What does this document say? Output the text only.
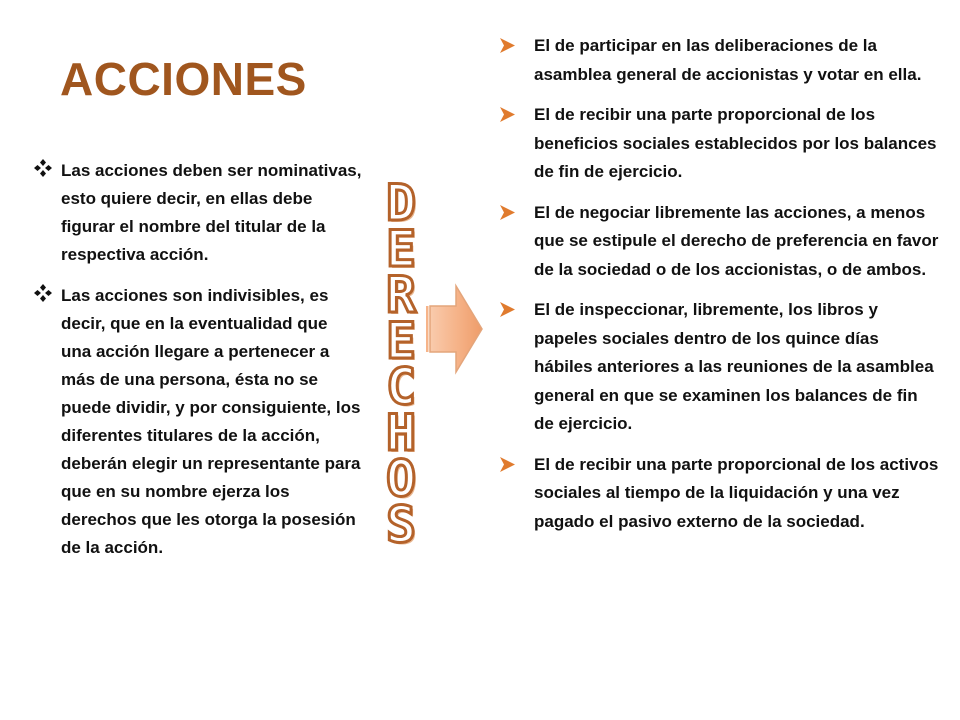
ACCIONES
Las acciones deben ser nominativas, esto quiere decir, en ellas debe figurar el nombre del titular de la respectiva acción.
Las acciones son indivisibles, es decir, que en la eventualidad que una acción llegare a pertenecer a más de una persona, ésta no se puede dividir, y por consiguiente, los diferentes titulares de la acción, deberán elegir un representante para que en su nombre ejerza los derechos que les otorga la posesión de la acción.
D
E
R
E
C
H
O
S
El de participar en las deliberaciones de la asamblea general de accionistas y votar en ella.
El de recibir una parte proporcional de los beneficios sociales establecidos por los balances de fin de ejercicio.
El de negociar libremente las acciones, a menos que se estipule el derecho de preferencia en favor de la sociedad o de los accionistas, o de ambos.
El de inspeccionar, libremente, los libros y papeles sociales dentro de los quince días hábiles anteriores a las reuniones de la asamblea general en que se examinen los balances de fin de ejercicio.
El de recibir una parte proporcional de los activos sociales al tiempo de la liquidación y una vez pagado el pasivo externo de la sociedad.
